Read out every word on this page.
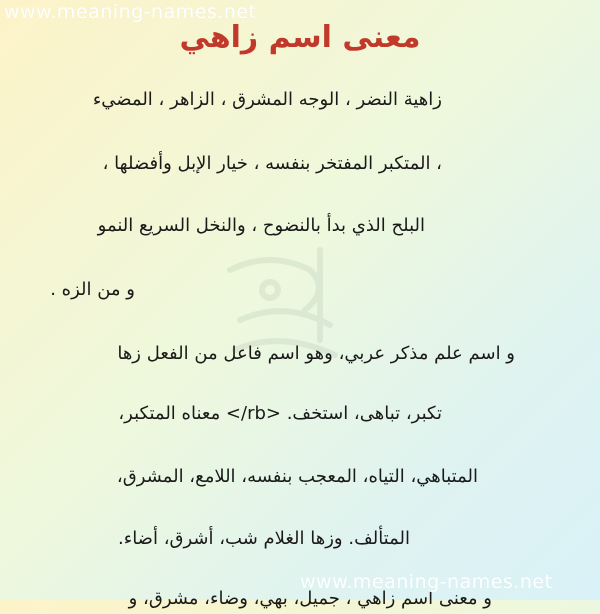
www.meaning-names.net
معنى اسم زاهي
زاهية النضر ، الوجه المشرق ، الزاهر ، المضيء
، المتكبر المفتخر بنفسه ، خيار الإبل وأفضلها ،
البلح الذي بدأ بالنضوح ، والنخل السريع النمو
و من الزه .
و اسم علم مذكر عربي، وهو اسم فاعل من الفعل زها
تكبر، تباهى، استخف. <rb/> معناه المتكبر،
المتباهي، التياه، المعجب بنفسه، اللامع، المشرق،
المتألف. وزها الغلام شب، أشرق، أضاء.
و معنى اسم زاهي ، جميل، بهي، وضاء، مشرق، و
www.meaning-names.net
